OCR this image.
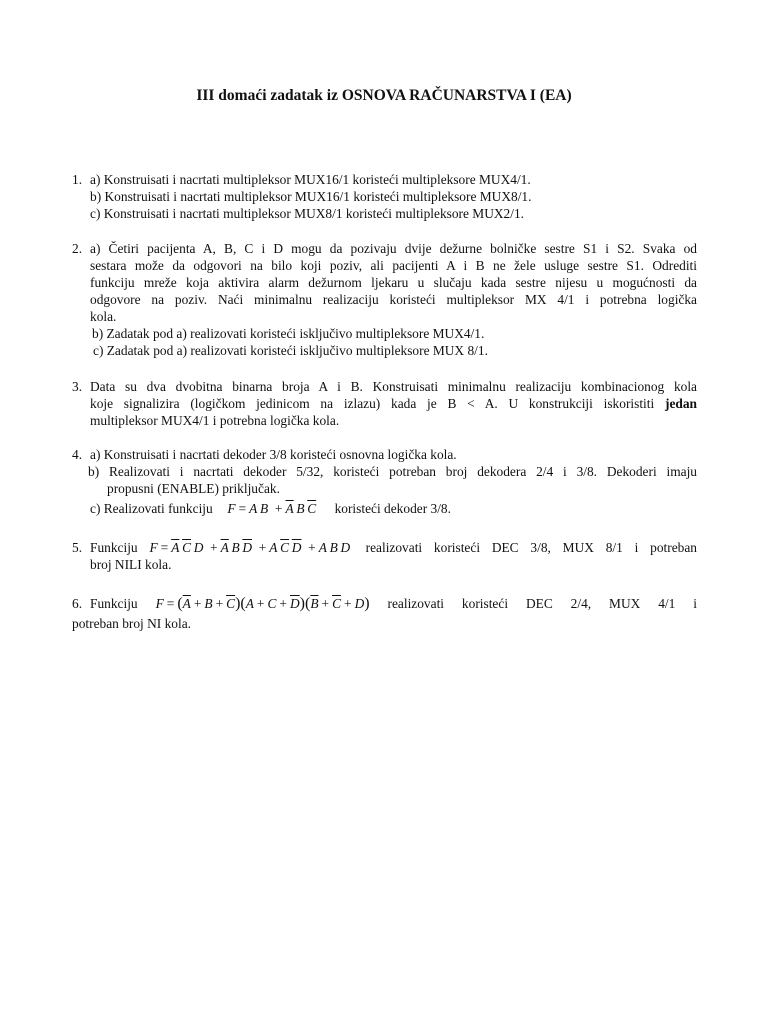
III domaći zadatak iz OSNOVA RAČUNARSTVA I (EA)
1. a) Konstruisati i nacrtati multipleksor MUX16/1 koristeći multipleksore MUX4/1.
b) Konstruisati i nacrtati multipleksor MUX16/1 koristeći multipleksore MUX8/1.
c) Konstruisati i nacrtati multipleksor MUX8/1 koristeći multipleksore MUX2/1.
2. a) Četiri pacijenta A, B, C i D mogu da pozivaju dvije dežurne bolničke sestre S1 i S2. Svaka od
sestara može da odgovori na bilo koji poziv, ali pacijenti A i B ne žele usluge sestre S1. Odrediti
funkciju mreže koja aktivira alarm dežurnom ljekaru u slučaju kada sestre nijesu u mogućnosti da
odgovore na poziv. Naći minimalnu realizaciju koristeći multipleksor MX 4/1 i potrebna logička
kola.
b) Zadatak pod a) realizovati koristeći isključivo multipleksore MUX4/1.
c) Zadatak pod a) realizovati koristeći isključivo multipleksore MUX 8/1.
3. Data su dva dvobitna binarna broja A i B. Konstruisati minimalnu realizaciju kombinacionog kola
koje signalizira (logičkom jedinicom na izlazu) kada je B < A. U konstrukciji iskoristiti jedan
multipleksor MUX4/1 i potrebna logička kola.
4. a) Konstruisati i nacrtati dekoder 3/8 koristeći osnovna logička kola.
b) Realizovati i nacrtati dekoder 5/32, koristeći potreban broj dekodera 2/4 i 3/8. Dekoderi imaju
propusni (ENABLE) priključak.
c) Realizovati funkciju F = A  $B + \overline{A}$  B  $\overline{C}$  koristeći dekoder 3/8.
5. Funkciju $F = \overline{A}$  $\overline{C}$  $D + \overline{A}$  B  $\overline{D} + A$  $\overline{C}$  $\overline{D} + A$  B  D  realizovati koristeći DEC 3/8, MUX 8/1 i potreban
broj NILI kola.
6. Funkciju $F = (\overline{A} + B + \overline{C})(A + C + \overline{D})(\overline{B} + \overline{C} + D)$ realizovati koristeći DEC 2/4, MUX 4/1 i
potreban broj NI kola.
